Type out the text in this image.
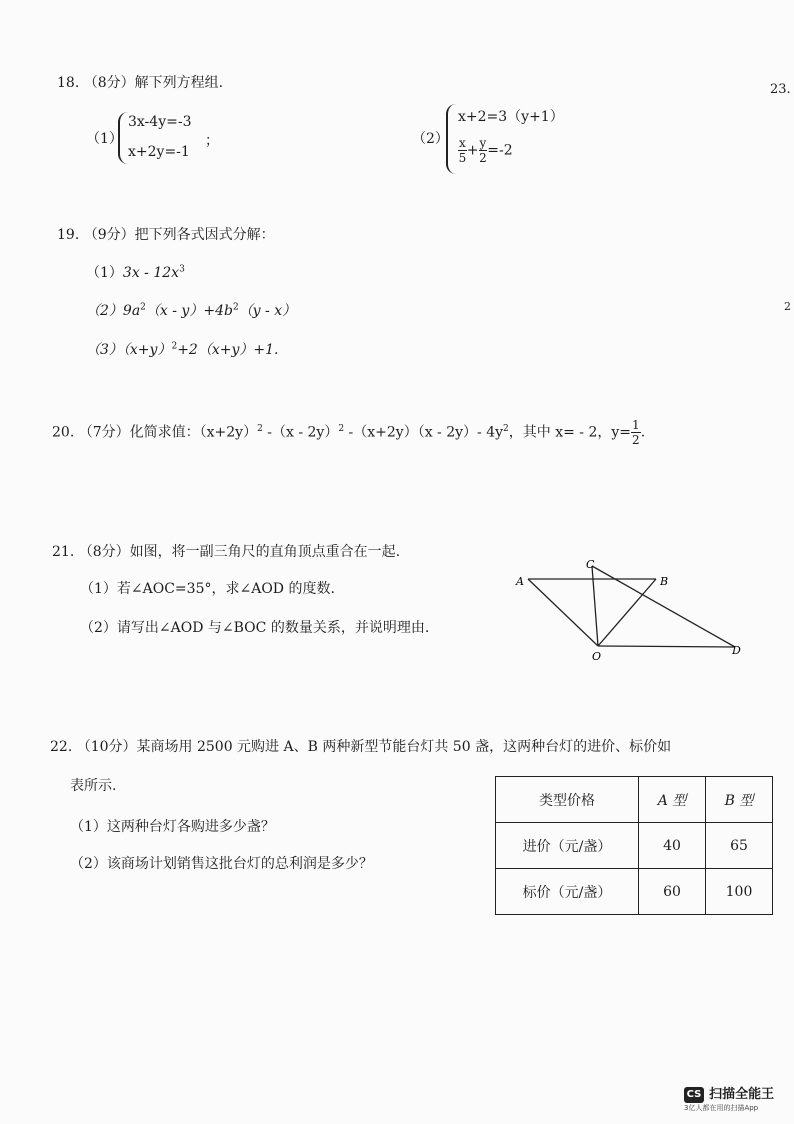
18. （8分）解下列方程组.
（1）
3x-4y=-3
x+2y=-1
；	（2）
x+2=3（y+1）
$\frac{x}{5} + \frac{y}{2} =-2$
23.
19. （9分）把下列各式因式分解：
$(1)3x - 12x^3$
$(2)9a^2(x - y)+4b^2(y - x)$
$(3)(x+y)^2+2(x+y)+1$.
2
20. （7分）化简求值：$(x+2y)^2$ -（x - 2y）$^2$ -（x+2y）（x - 2y）- $4y^2$，其中 x= - 2，$y= \frac{1}{2}$ .
21. （8分）如图，将一副三角尺的直角顶点重合在一起.
（1）若∠AOC=35°，求∠AOD 的度数.
（2）请写出∠AOD 与∠BOC 的数量关系，并说明理由.
A	B
C
O	D
22. （10分）某商场用 2500 元购进 A、B 两种新型节能台灯共 50 盏，这两种台灯的进价、标价如
表所示.
（1）这两种台灯各购进多少盏？
（2）该商场计划销售这批台灯的总利润是多少？
类型价格	A 型	B 型
进价（元/盏）	40	65
标价（元/盏）	60	100
CS 扫描全能王
3亿人都在用的扫描App
